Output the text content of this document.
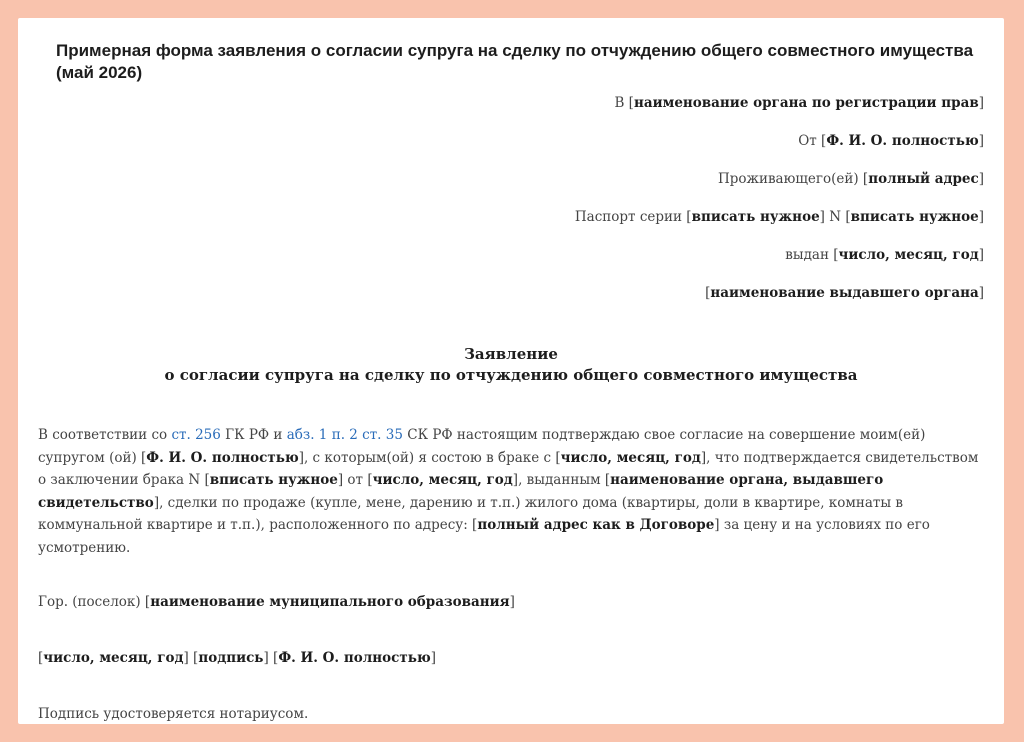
Примерная форма заявления о согласии супруга на сделку по отчуждению общего совместного имущества (май 2026)
В [наименование органа по регистрации прав]
От [Ф. И. О. полностью]
Проживающего(ей) [полный адрес]
Паспорт серии [вписать нужное] N [вписать нужное]
выдан [число, месяц, год]
[наименование выдавшего органа]
Заявление
о согласии супруга на сделку по отчуждению общего совместного имущества
В соответствии со ст. 256 ГК РФ и абз. 1 п. 2 ст. 35 СК РФ настоящим подтверждаю свое согласие на совершение моим(ей) супругом (ой) [Ф. И. О. полностью], с которым(ой) я состою в браке с [число, месяц, год], что подтверждается свидетельством о заключении брака N [вписать нужное] от [число, месяц, год], выданным [наименование органа, выдавшего свидетельство], сделки по продаже (купле, мене, дарению и т.п.) жилого дома (квартиры, доли в квартире, комнаты в коммунальной квартире и т.п.), расположенного по адресу: [полный адрес как в Договоре] за цену и на условиях по его усмотрению.
Гор. (поселок) [наименование муниципального образования]
[число, месяц, год] [подпись] [Ф. И. О. полностью]
Подпись удостоверяется нотариусом.
